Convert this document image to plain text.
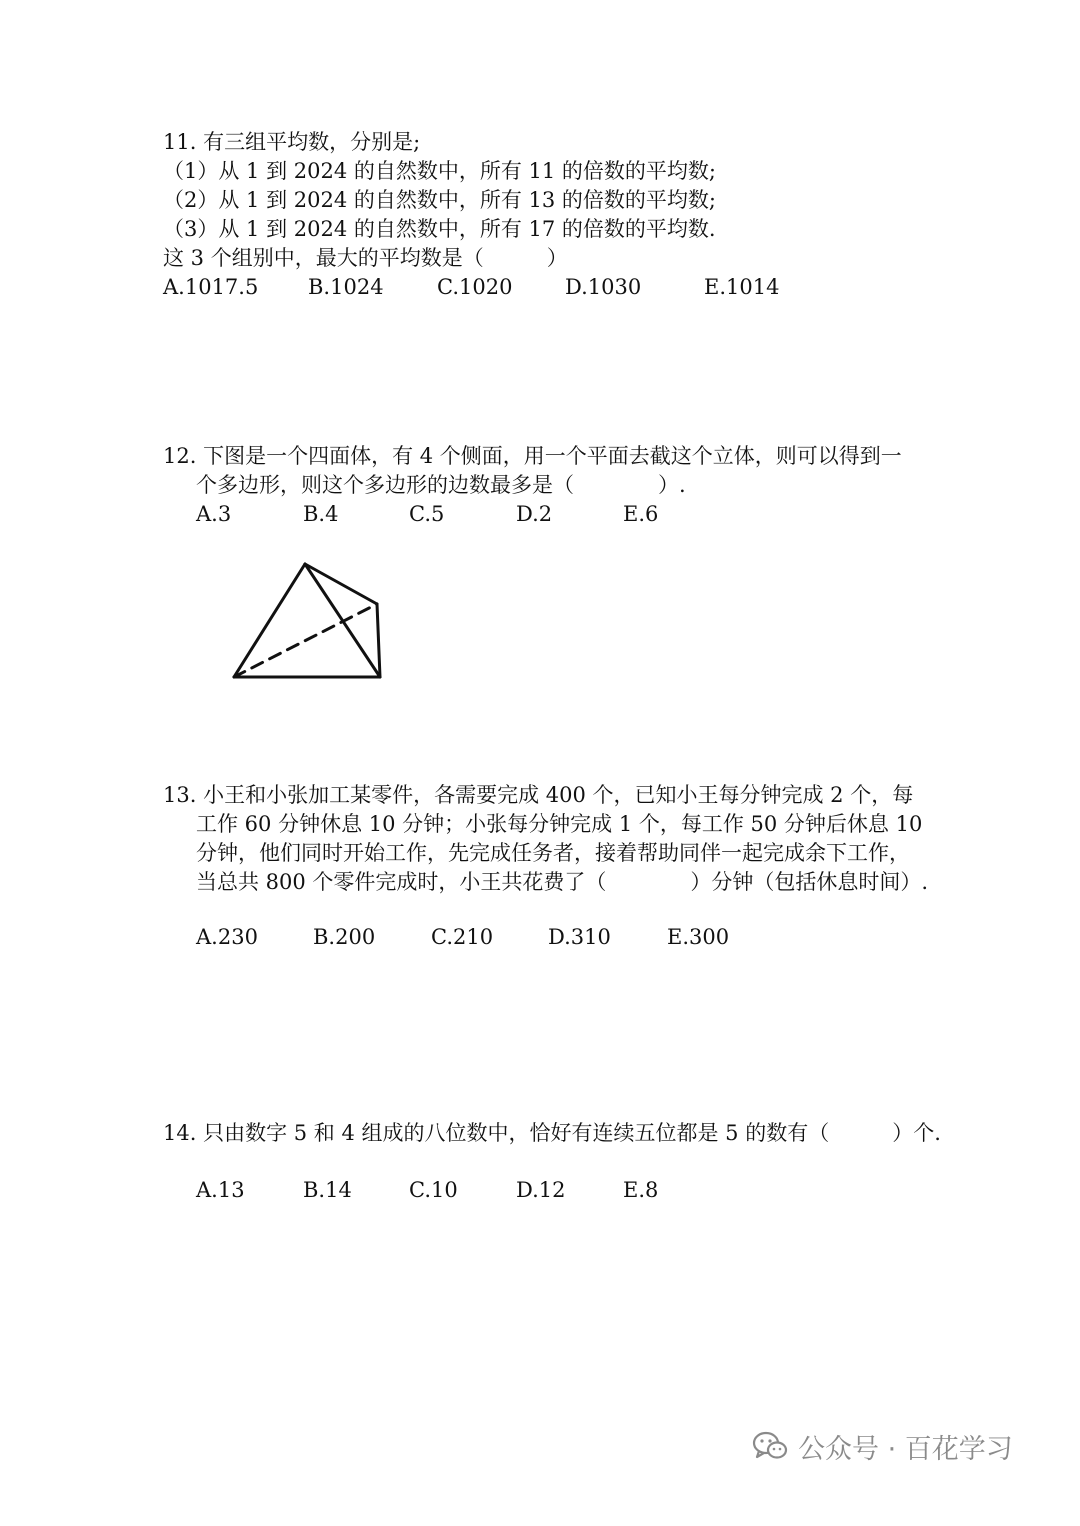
11. 有三组平均数，分别是;
（1）从 1 到 2024 的自然数中，所有 11 的倍数的平均数;
（2）从 1 到 2024 的自然数中，所有 13 的倍数的平均数;
（3）从 1 到 2024 的自然数中，所有 17 的倍数的平均数.
这 3 个组别中，最大的平均数是（　　　）
A.1017.5 B.1024	C.1020	D.1030	E.1014
12. 下图是一个四面体，有 4 个侧面，用一个平面去截这个立体，则可以得到一
个多边形，则这个多边形的边数最多是（　　　　）.
A.3	B.4	C.5	D.2	E.6
13. 小王和小张加工某零件，各需要完成 400 个，已知小王每分钟完成 2 个，每
工作 60 分钟休息 10 分钟；小张每分钟完成 1 个，每工作 50 分钟后休息 10
分钟，他们同时开始工作，先完成任务者，接着帮助同伴一起完成余下工作，
当总共 800 个零件完成时，小王共花费了（　　　　）分钟（包括休息时间）.
A.230	B.200	C.210	D.310	E.300
14. 只由数字 5 和 4 组成的八位数中，恰好有连续五位都是 5 的数有（　　　）个.
A.13	B.14	C.10	D.12	E.8
公众号 · 百花学习
